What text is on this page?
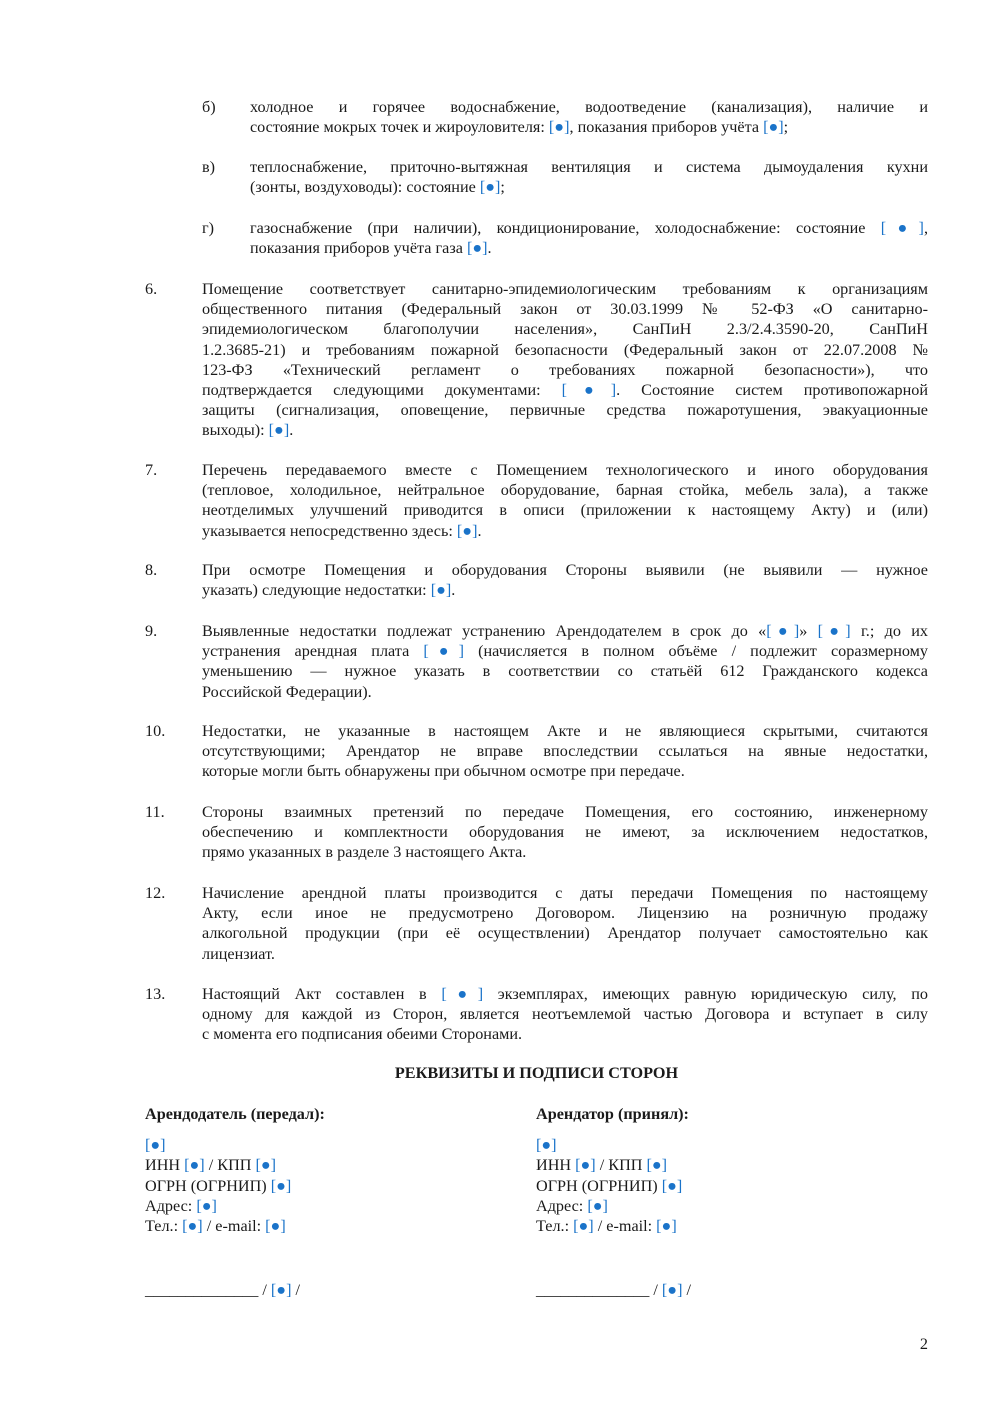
б) холодное и горячее водоснабжение, водоотведение (канализация), наличие и
состояние мокрых точек и жироуловителя: [●], показания приборов учёта [●];
в) теплоснабжение, приточно-вытяжная вентиляция и система дымоудаления кухни
(зонты, воздуховоды): состояние [●];
г) газоснабжение (при наличии), кондиционирование, холодоснабжение: состояние [●],
показания приборов учёта газа [●].
6.	Помещение соответствует санитарно-эпидемиологическим требованиям к организациям
общественного питания (Федеральный закон от 30.03.1999 № 52-ФЗ «О санитарно-
эпидемиологическом благополучии населения», СанПиН 2.3/2.4.3590-20, СанПиН
1.2.3685-21) и требованиям пожарной безопасности (Федеральный закон от 22.07.2008 №
123-ФЗ «Технический регламент о требованиях пожарной безопасности»), что
подтверждается следующими документами: [●]. Состояние систем противопожарной
защиты (сигнализация, оповещение, первичные средства пожаротушения, эвакуационные
выходы): [●].
7.	Перечень передаваемого вместе с Помещением технологического и иного оборудования
(тепловое, холодильное, нейтральное оборудование, барная стойка, мебель зала), а также
неотделимых улучшений приводится в описи (приложении к настоящему Акту) и (или)
указывается непосредственно здесь: [●].
8.	При осмотре Помещения и оборудования Стороны выявили (не выявили — нужное
указать) следующие недостатки: [●].
9.	Выявленные недостатки подлежат устранению Арендодателем в срок до «[●]» [●] г.; до их
устранения арендная плата [●] (начисляется в полном объёме / подлежит соразмерному
уменьшению — нужное указать в соответствии со статьёй 612 Гражданского кодекса
Российской Федерации).
10. Недостатки, не указанные в настоящем Акте и не являющиеся скрытыми, считаются
отсутствующими; Арендатор не вправе впоследствии ссылаться на явные недостатки,
которые могли быть обнаружены при обычном осмотре при передаче.
11. Стороны взаимных претензий по передаче Помещения, его состоянию, инженерному
обеспечению и комплектности оборудования не имеют, за исключением недостатков,
прямо указанных в разделе 3 настоящего Акта.
12. Начисление арендной платы производится с даты передачи Помещения по настоящему
Акту, если иное не предусмотрено Договором. Лицензию на розничную продажу
алкогольной продукции (при её осуществлении) Арендатор получает самостоятельно как
лицензиат.
13. Настоящий Акт составлен в [●] экземплярах, имеющих равную юридическую силу, по
одному для каждой из Сторон, является неотъемлемой частью Договора и вступает в силу
с момента его подписания обеими Сторонами.
РЕКВИЗИТЫ И ПОДПИСИ СТОРОН
Арендодатель (передал):
[●]
ИНН [●] / КПП [●]
ОГРН (ОГРНИП) [●]
Адрес: [●]
Тел.: [●] / e-mail: [●]
Арендатор (принял):
[●]
ИНН [●] / КПП [●]
ОГРН (ОГРНИП) [●]
Адрес: [●]
Тел.: [●] / e-mail: [●]
______________ / [●] /	______________ / [●] /
2
